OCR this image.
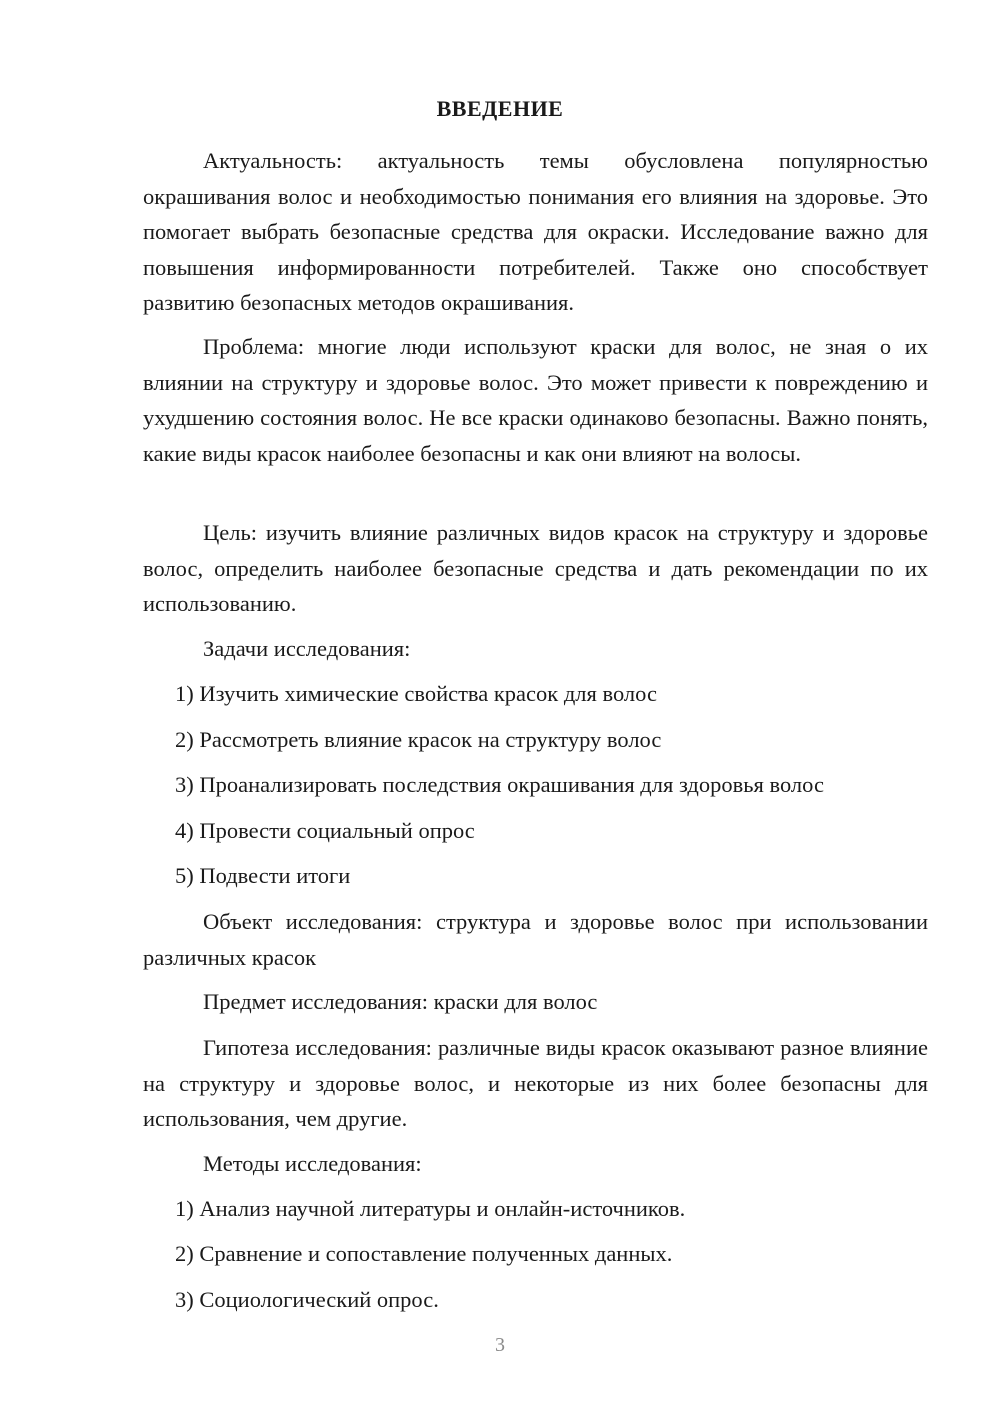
ВВЕДЕНИЕ
Актуальность: актуальность темы обусловлена популярностью окрашивания волос и необходимостью понимания его влияния на здоровье. Это помогает выбрать безопасные средства для окраски. Исследование важно для повышения информированности потребителей. Также оно способствует развитию безопасных методов окрашивания.
Проблема: многие люди используют краски для волос, не зная о их влиянии на структуру и здоровье волос. Это может привести к повреждению и ухудшению состояния волос. Не все краски одинаково безопасны. Важно понять, какие виды красок наиболее безопасны и как они влияют на волосы.
Цель: изучить влияние различных видов красок на структуру и здоровье волос, определить наиболее безопасные средства и дать рекомендации по их использованию.
Задачи исследования:
1) Изучить химические свойства красок для волос
2) Рассмотреть влияние красок на структуру волос
3) Проанализировать последствия окрашивания для здоровья волос
4) Провести социальный опрос
5) Подвести итоги
Объект исследования: структура и здоровье волос при использовании различных красок
Предмет исследования: краски для волос
Гипотеза исследования: различные виды красок оказывают разное влияние на структуру и здоровье волос, и некоторые из них более безопасны для использования, чем другие.
Методы исследования:
1) Анализ научной литературы и онлайн-источников.
2) Сравнение и сопоставление полученных данных.
3) Социологический опрос.
3
